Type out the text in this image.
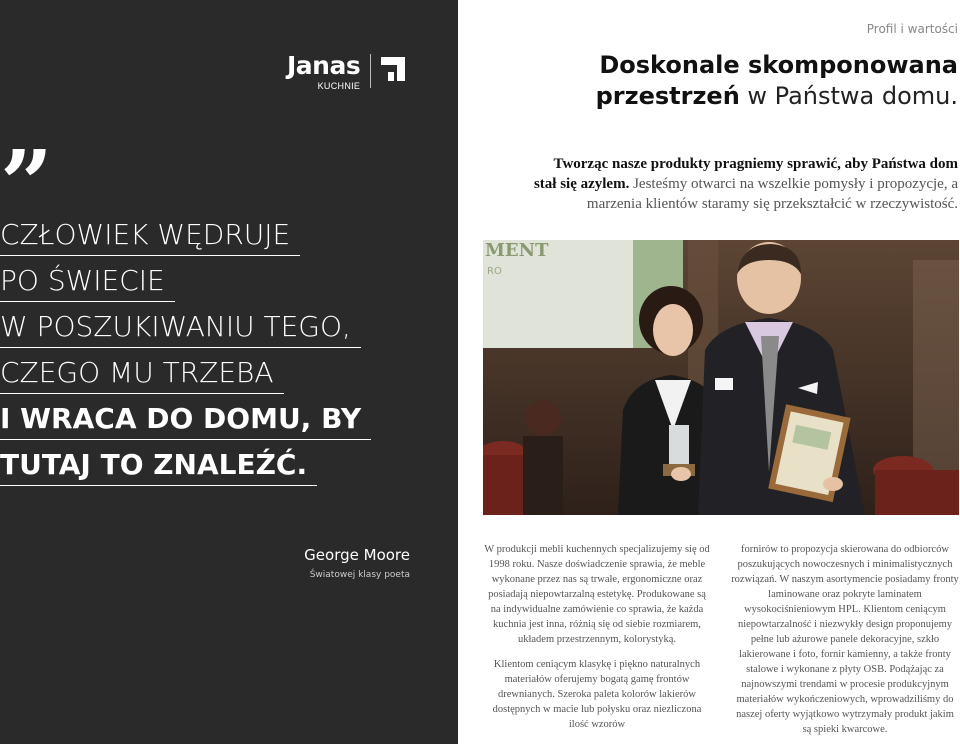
Janas
KUCHNIE
”
CZŁOWIEK WĘDRUJE
PO ŚWIECIE
W POSZUKIWANIU TEGO,
CZEGO MU TRZEBA
I WRACA DO DOMU, BY
TUTAJ TO ZNALEŹĆ.
George Moore
Światowej klasy poeta
Profil i wartości
Doskonale skomponowana
przestrzeń w Państwa domu.
Tworząc nasze produkty pragniemy sprawić, aby Państwa dom stał się azylem. Jesteśmy otwarci na wszelkie pomysły i propozycje, a marzenia klientów staramy się przekształcić w rzeczywistość.
MENT
RO

W produkcji mebli kuchennych specjalizujemy się od 1998 roku. Nasze doświadczenie sprawia, że meble wykonane przez nas są trwałe, ergonomiczne oraz posiadają niepowtarzalną estetykę. Produkowane są na indywidualne zamówienie co sprawia, że każda kuchnia jest inna, różnią się od siebie rozmiarem, układem przestrzennym, kolorystyką.

Klientom ceniącym klasykę i piękno naturalnych materiałów oferujemy bogatą gamę frontów drewnianych. Szeroka paleta kolorów lakierów dostępnych w macie lub połysku oraz niezliczona ilość wzorów

fornirów to propozycja skierowana do odbiorców poszukujących nowoczesnych i minimalistycznych rozwiązań. W naszym asortymencie posiadamy fronty laminowane oraz pokryte laminatem wysokociśnieniowym HPL. Klientom ceniącym niepowtarzalność i niezwykły design proponujemy pełne lub ażurowe panele dekoracyjne, szkło lakierowane i foto, fornir kamienny, a także fronty stalowe i wykonane z płyty OSB. Podążając za najnowszymi trendami w procesie produkcyjnym materiałów wykończeniowych, wprowadziliśmy do naszej oferty wyjątkowo wytrzymały produkt jakim są spieki kwarcowe.
